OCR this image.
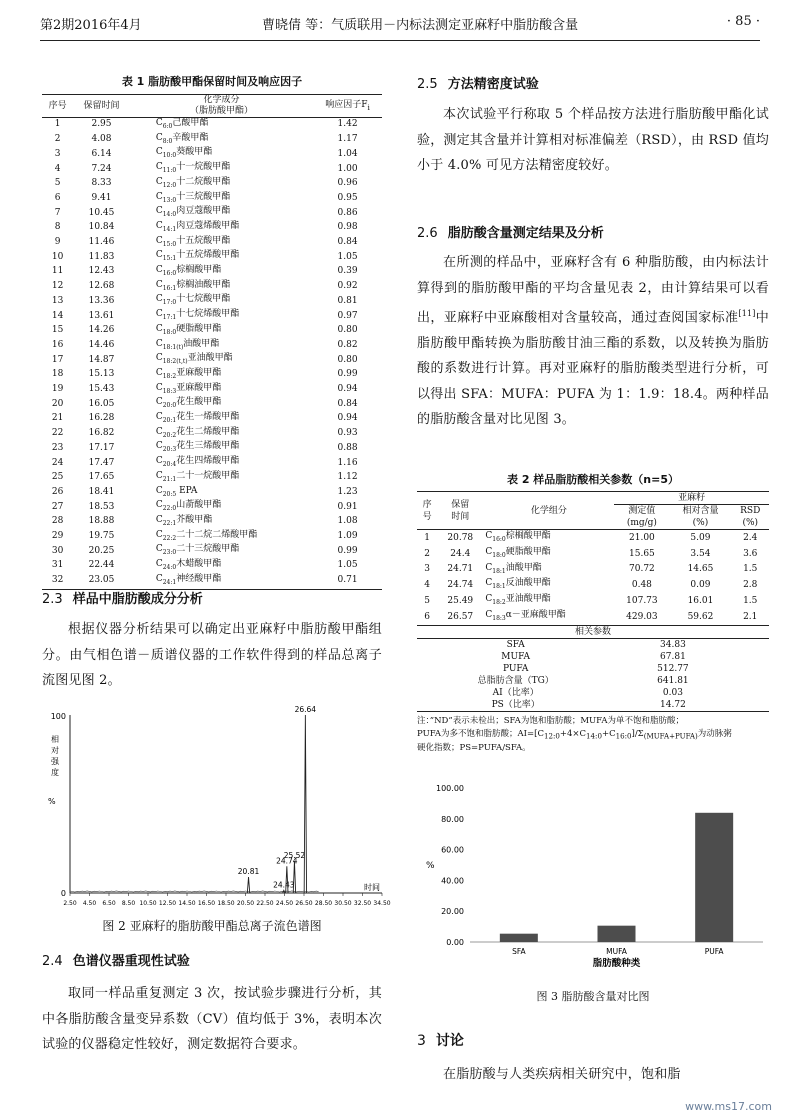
第2期2016年4月	曹晓倩 等：气质联用－内标法测定亚麻籽中脂肪酸含量	· 85 ·
表 1 脂肪酸甲酯保留时间及响应因子
序号	保留时间	化学成分
（脂肪酸甲酯）	响应因子$F_i$
1	2.95	$C_{6:0}$己酸甲酯	1.42
2	4.08	$C_{8:0}$辛酸甲酯	1.17
3	6.14	$C_{10:0}$葵酸甲酯	1.04
4	7.24	$C_{11:0}$十一烷酸甲酯	1.00
5	8.33	$C_{12:0}$十二烷酸甲酯	0.96
6	9.41	$C_{13:0}$十三烷酸甲酯	0.95
7	10.45	$C_{14:0}$肉豆蔻酸甲酯	0.86
8	10.84	$C_{14:1}$肉豆蔻烯酸甲酯	0.98
9	11.46	$C_{15:0}$十五烷酸甲酯	0.84
10	11.83	$C_{15:1}$十五烷烯酸甲酯	1.05
11	12.43	$C_{16:0}$棕榈酸甲酯	0.39
12	12.68	$C_{16:1}$棕榈油酸甲酯	0.92
13	13.36	$C_{17:0}$十七烷酸甲酯	0.81
14	13.61	$C_{17:1}$十七烷烯酸甲酯	0.97
15	14.26	$C_{18:0}$硬脂酸甲酯	0.80
16	14.46	$C_{18:1(t)}$油酸甲酯	0.82
17	14.87	$C_{18:2(t,t)}$亚油酸甲酯	0.80
18	15.13	$C_{18:2}$亚麻酸甲酯	0.99
19	15.43	$C_{18:3}$亚麻酸甲酯	0.94
20	16.05	$C_{20:0}$花生酸甲酯	0.84
21	16.28	$C_{20:1}$花生一烯酸甲酯	0.94
22	16.82	$C_{20:2}$花生二烯酸甲酯	0.93
23	17.17	$C_{20:3}$花生三烯酸甲酯	0.88
24	17.47	$C_{20:4}$花生四烯酸甲酯	1.16
25	17.65	$C_{21:1}$二十一烷酸甲酯	1.12
26	18.41	$C_{20:5}$ EPA	1.23
27	18.53	$C_{22:0}$山萮酸甲酯	0.91
28	18.88	$C_{22:1}$芥酸甲酯	1.08
29	19.75	$C_{22:2}$二十二烷二烯酸甲酯	1.09
30	20.25	$C_{23:0}$二十三烷酸甲酯	0.99
31	22.44	$C_{24:0}$木蜡酸甲酯	1.05
32	23.05	$C_{24:1}$神经酸甲酯	0.71
2.3 样品中脂肪酸成分分析
根据仪器分析结果可以确定出亚麻籽中脂肪酸甲酯组分。由气相色谱－质谱仪器的工作软件得到的样品总离子流图见图 2。
100
0
相
对
强
度
%
2.50 4.50 6.50 8.50 10.50 12.50 14.50 16.50 18.50 20.50 22.50 24.50 26.50 28.50 30.50 32.50 34.50
时间
20.81
24.43
24.74
25.52
26.64
图 2 亚麻籽的脂肪酸甲酯总离子流色谱图
2.4 色谱仪器重现性试验
取同一样品重复测定 3 次，按试验步骤进行分析，其中各脂肪酸含量变异系数（CV）值均低于 3%，表明本次试验的仪器稳定性较好，测定数据符合要求。
2.5 方法精密度试验
本次试验平行称取 5 个样品按方法进行脂肪酸甲酯化试验，测定其含量并计算相对标准偏差（RSD），由 RSD 值均小于 4.0% 可见方法精密度较好。
2.6 脂肪酸含量测定结果及分析
在所测的样品中，亚麻籽含有 6 种脂肪酸，由内标法计算得到的脂肪酸甲酯的平均含量见表 2，由计算结果可以看出，亚麻籽中亚麻酸相对含量较高，通过查阅国家标准[11]中脂肪酸甲酯转换为脂肪酸甘油三酯的系数，以及转换为脂肪酸的系数进行计算。再对亚麻籽的脂肪酸类型进行分析，可以得出 SFA：MUFA：PUFA 为 1：1.9：18.4。两种样品的脂肪酸含量对比见图 3。
表 2 样品脂肪酸相关参数（n=5）
序
号	保留
时间	化学组分	亚麻籽		
			测定值
(mg/g)	相对含量
(%)	RSD
(%)
1	20.78	$C_{16:0}$棕榈酸甲酯	21.00	5.09	2.4
2	24.4	$C_{18:0}$硬脂酸甲酯	15.65	3.54	3.6
3	24.71	$C_{18:1}$油酸甲酯	70.72	14.65	1.5
4	24.74	$C_{18:1}$反油酸甲酯	0.48	0.09	2.8
5	25.49	$C_{18:2}$亚油酸甲酯	107.73	16.01	1.5
6	26.57	$C_{18:3}\alpha-$亚麻酸甲酯	429.03	59.62	2.1
相关参数					
SFA			34.83		
MUFA			67.81		
PUFA			512.77		
总脂肪含量（TG）			641.81		
AI（比率）			0.03		
PS（比率）			14.72		
注：”ND”表示未检出；SFA为饱和脂肪酸；MUFA为单不饱和脂肪酸；
PUFA为多不饱和脂肪酸；$AI=[C_{12:0}+4\times C_{14:0}+C_{16:0}]/\Sigma_{(MUFA+PUFA)}$为动脉粥
硬化指数；PS=PUFA/SFA。
0.00
20.00
40.00
60.00
80.00
100.00
%
SFA	MUFA	PUFA
脂肪酸种类
图 3 脂肪酸含量对比图
3 讨论
在脂肪酸与人类疾病相关研究中，饱和脂
www.ms17.com
